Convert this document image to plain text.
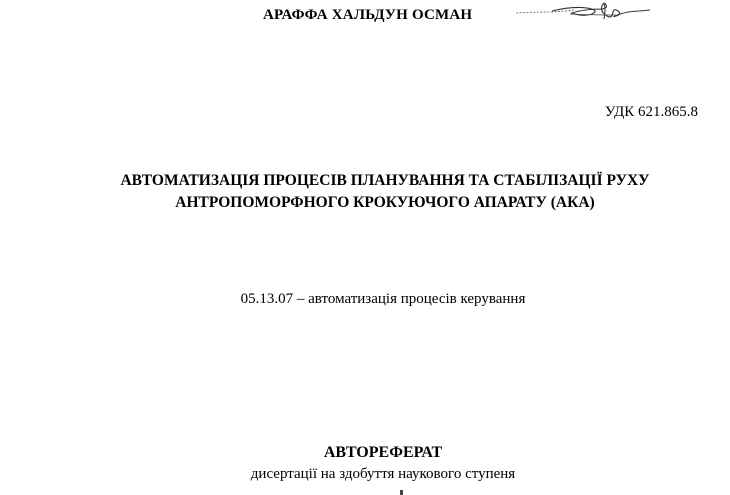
АРАФФА ХАЛЬДУН ОСМАН
УДК 621.865.8
АВТОМАТИЗАЦІЯ ПРОЦЕСІВ ПЛАНУВАННЯ ТА СТАБІЛІЗАЦІЇ РУХУ
АНТРОПОМОРФНОГО КРОКУЮЧОГО АПАРАТУ (АКА)
05.13.07 – автоматизація процесів керування
АВТОРЕФЕРАТ
дисертації на здобуття наукового ступеня
